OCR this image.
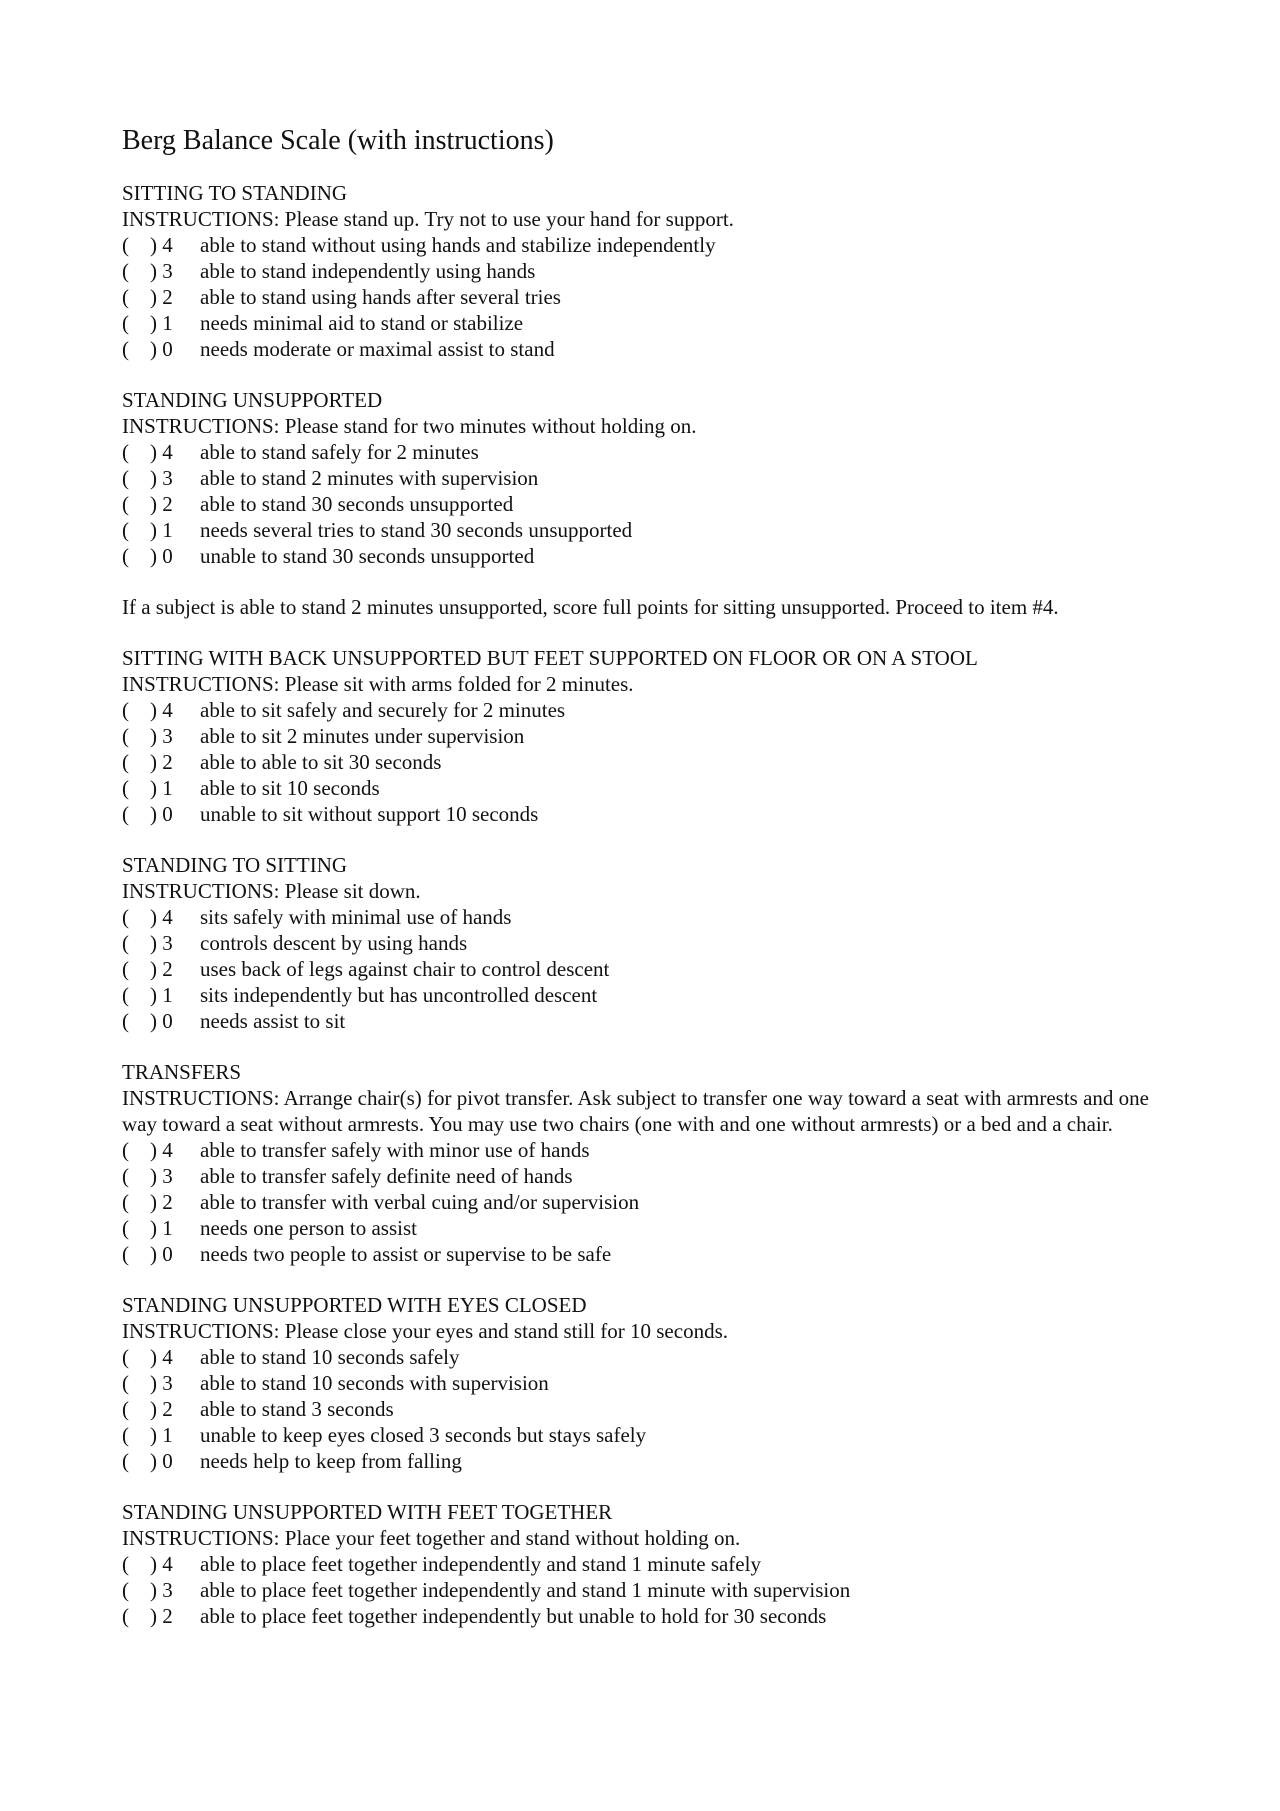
Berg Balance Scale (with instructions)
SITTING TO STANDING
INSTRUCTIONS: Please stand up. Try not to use your hand for support.
(    ) 4	able to stand without using hands and stabilize independently
(    ) 3	able to stand independently using hands
(    ) 2	able to stand using hands after several tries
(    ) 1	needs minimal aid to stand or stabilize
(    ) 0	needs moderate or maximal assist to stand
STANDING UNSUPPORTED
INSTRUCTIONS: Please stand for two minutes without holding on.
(    ) 4	able to stand safely for 2 minutes
(    ) 3	able to stand 2 minutes with supervision
(    ) 2	able to stand 30 seconds unsupported
(    ) 1	needs several tries to stand 30 seconds unsupported
(    ) 0	unable to stand 30 seconds unsupported
If a subject is able to stand 2 minutes unsupported, score full points for sitting unsupported. Proceed to item #4.
SITTING WITH BACK UNSUPPORTED BUT FEET SUPPORTED ON FLOOR OR ON A STOOL
INSTRUCTIONS: Please sit with arms folded for 2 minutes.
(    ) 4	able to sit safely and securely for 2 minutes
(    ) 3	able to sit 2 minutes under supervision
(    ) 2	able to able to sit 30 seconds
(    ) 1	able to sit 10 seconds
(    ) 0	unable to sit without support 10 seconds
STANDING TO SITTING
INSTRUCTIONS: Please sit down.
(    ) 4	sits safely with minimal use of hands
(    ) 3	controls descent by using hands
(    ) 2	uses back of legs against chair to control descent
(    ) 1	sits independently but has uncontrolled descent
(    ) 0	needs assist to sit
TRANSFERS
INSTRUCTIONS: Arrange chair(s) for pivot transfer. Ask subject to transfer one way toward a seat with armrests and one way toward a seat without armrests. You may use two chairs (one with and one without armrests) or a bed and a chair.
(    ) 4	able to transfer safely with minor use of hands
(    ) 3	able to transfer safely definite need of hands
(    ) 2	able to transfer with verbal cuing and/or supervision
(    ) 1	needs one person to assist
(    ) 0	needs two people to assist or supervise to be safe
STANDING UNSUPPORTED WITH EYES CLOSED
INSTRUCTIONS: Please close your eyes and stand still for 10 seconds.
(    ) 4	able to stand 10 seconds safely
(    ) 3	able to stand 10 seconds with supervision
(    ) 2	able to stand 3 seconds
(    ) 1	unable to keep eyes closed 3 seconds but stays safely
(    ) 0	needs help to keep from falling
STANDING UNSUPPORTED WITH FEET TOGETHER
INSTRUCTIONS: Place your feet together and stand without holding on.
(    ) 4	able to place feet together independently and stand 1 minute safely
(    ) 3	able to place feet together independently and stand 1 minute with supervision
(    ) 2	able to place feet together independently but unable to hold for 30 seconds
